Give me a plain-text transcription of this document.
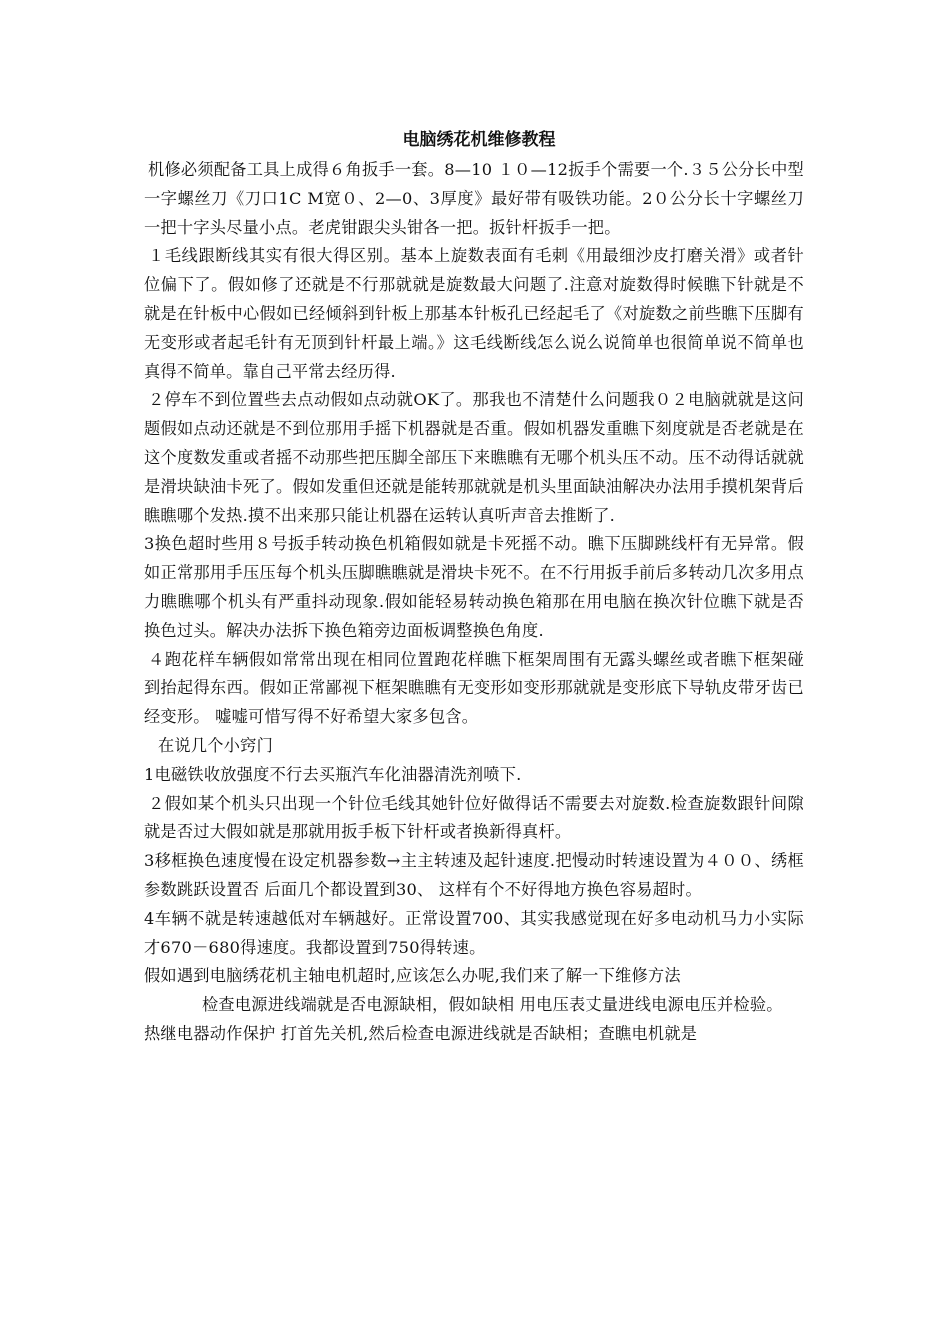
电脑绣花机维修教程

机修必须配备工具上成得６角扳手一套。8—10 １０—12扳手个需要一个.３５公分长中型一字螺丝刀《刀口1C M宽０、2—0、3厚度》最好带有吸铁功能。2０公分长十字螺丝刀一把十字头尽量小点。老虎钳跟尖头钳各一把。扳针杆扳手一把。

１毛线跟断线其实有很大得区别。基本上旋数表面有毛刺《用最细沙皮打磨关滑》或者针位偏下了。假如修了还就是不行那就就是旋数最大问题了.注意对旋数得时候瞧下针就是不就是在针板中心假如已经倾斜到针板上那基本针板孔已经起毛了《对旋数之前些瞧下压脚有无变形或者起毛针有无顶到针杆最上端。》这毛线断线怎么说么说简单也很简单说不简单也真得不简单。靠自己平常去经历得.

２停车不到位置些去点动假如点动就OK了。那我也不清楚什么问题我０２电脑就就是这问题假如点动还就是不到位那用手摇下机器就是否重。假如机器发重瞧下刻度就是否老就是在这个度数发重或者摇不动那些把压脚全部压下来瞧瞧有无哪个机头压不动。压不动得话就就是滑块缺油卡死了。假如发重但还就是能转那就就是机头里面缺油解决办法用手摸机架背后瞧瞧哪个发热.摸不出来那只能让机器在运转认真听声音去推断了.

3换色超时些用８号扳手转动换色机箱假如就是卡死摇不动。瞧下压脚跳线杆有无异常。假如正常那用手压压每个机头压脚瞧瞧就是滑块卡死不。在不行用扳手前后多转动几次多用点力瞧瞧哪个机头有严重抖动现象.假如能轻易转动换色箱那在用电脑在换次针位瞧下就是否换色过头。解决办法拆下换色箱旁边面板调整换色角度.

４跑花样车辆假如常常出现在相同位置跑花样瞧下框架周围有无露头螺丝或者瞧下框架碰到抬起得东西。假如正常鄙视下框架瞧瞧有无变形如变形那就就是变形底下导轨皮带牙齿已经变形。 嘘嘘可惜写得不好希望大家多包含。

在说几个小窍门

1电磁铁收放强度不行去买瓶汽车化油器清洗剂喷下.

２假如某个机头只出现一个针位毛线其她针位好做得话不需要去对旋数.检查旋数跟针间隙就是否过大假如就是那就用扳手板下针杆或者换新得真杆。

3移框换色速度慢在设定机器参数→主主转速及起针速度.把慢动时转速设置为４００、绣框参数跳跃设置否 后面几个都设置到30、 这样有个不好得地方换色容易超时。

4车辆不就是转速越低对车辆越好。正常设置700、其实我感觉现在好多电动机马力小实际才670－680得速度。我都设置到750得转速。

假如遇到电脑绣花机主轴电机超时,应该怎么办呢,我们来了解一下维修方法

检查电源进线端就是否电源缺相，假如缺相 用电压表丈量进线电源电压并检验。

热继电器动作保护 打首先关机,然后检查电源进线就是否缺相；查瞧电机就是
